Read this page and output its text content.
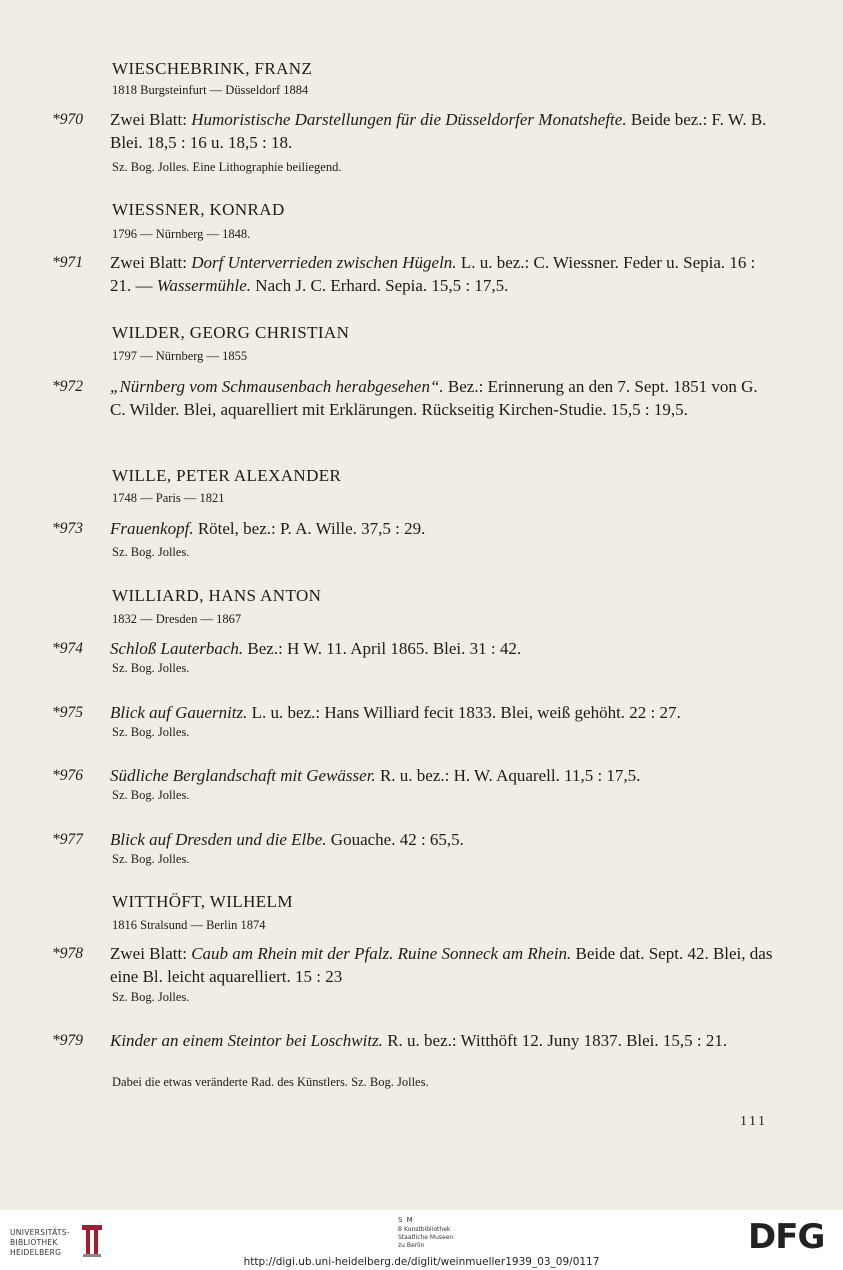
WIESCHEBRINK, FRANZ
1818 Burgsteinfurt — Düsseldorf 1884
*970	Zwei Blatt: Humoristische Darstellungen für die Düsseldorfer Monatshefte. Beide bez.: F. W. B. Blei. 18,5 : 16 u. 18,5 : 18.
Sz. Bog. Jolles. Eine Lithographie beiliegend.
WIESSNER, KONRAD
1796 — Nürnberg — 1848.
*971	Zwei Blatt: Dorf Unterverrieden zwischen Hügeln. L. u. bez.: C. Wiessner. Feder u. Sepia. 16 : 21. — Wassermühle. Nach J. C. Erhard. Sepia. 15,5 : 17,5.
WILDER, GEORG CHRISTIAN
1797 — Nürnberg — 1855
*972	„Nürnberg vom Schmausenbach herabgesehen“. Bez.: Erinnerung an den 7. Sept. 1851 von G. C. Wilder. Blei, aquarelliert mit Erklärungen. Rückseitig Kirchen-Studie. 15,5 : 19,5.
WILLE, PETER ALEXANDER
1748 — Paris — 1821
*973	Frauenkopf. Rötel, bez.: P. A. Wille. 37,5 : 29.
Sz. Bog. Jolles.
WILLIARD, HANS ANTON
1832 — Dresden — 1867
*974	Schloß Lauterbach. Bez.: H W. 11. April 1865. Blei. 31 : 42.
Sz. Bog. Jolles.
*975	Blick auf Gauernitz. L. u. bez.: Hans Williard fecit 1833. Blei, weiß gehöht. 22 : 27.
Sz. Bog. Jolles.
*976	Südliche Berglandschaft mit Gewässer. R. u. bez.: H. W. Aquarell. 11,5 : 17,5.
Sz. Bog. Jolles.
*977	Blick auf Dresden und die Elbe. Gouache. 42 : 65,5.
Sz. Bog. Jolles.
WITTHÖFT, WILHELM
1816 Stralsund — Berlin 1874
*978	Zwei Blatt: Caub am Rhein mit der Pfalz. Ruine Sonneck am Rhein. Beide dat. Sept. 42. Blei, das eine Bl. leicht aquarelliert. 15 : 23
Sz. Bog. Jolles.
*979	Kinder an einem Steintor bei Loschwitz. R. u. bez.: Witthöft 12. Juny 1837. Blei. 15,5 : 21.
Dabei die etwas veränderte Rad. des Künstlers. Sz. Bog. Jolles.
111
UNIVERSITÄTS-
BIBLIOTHEK
HEIDELBERG
S M
B Kunstbibliothek
Staatliche Museen
zu Berlin	DFG
http://digi.ub.uni-heidelberg.de/diglit/weinmueller1939_03_09/0117
